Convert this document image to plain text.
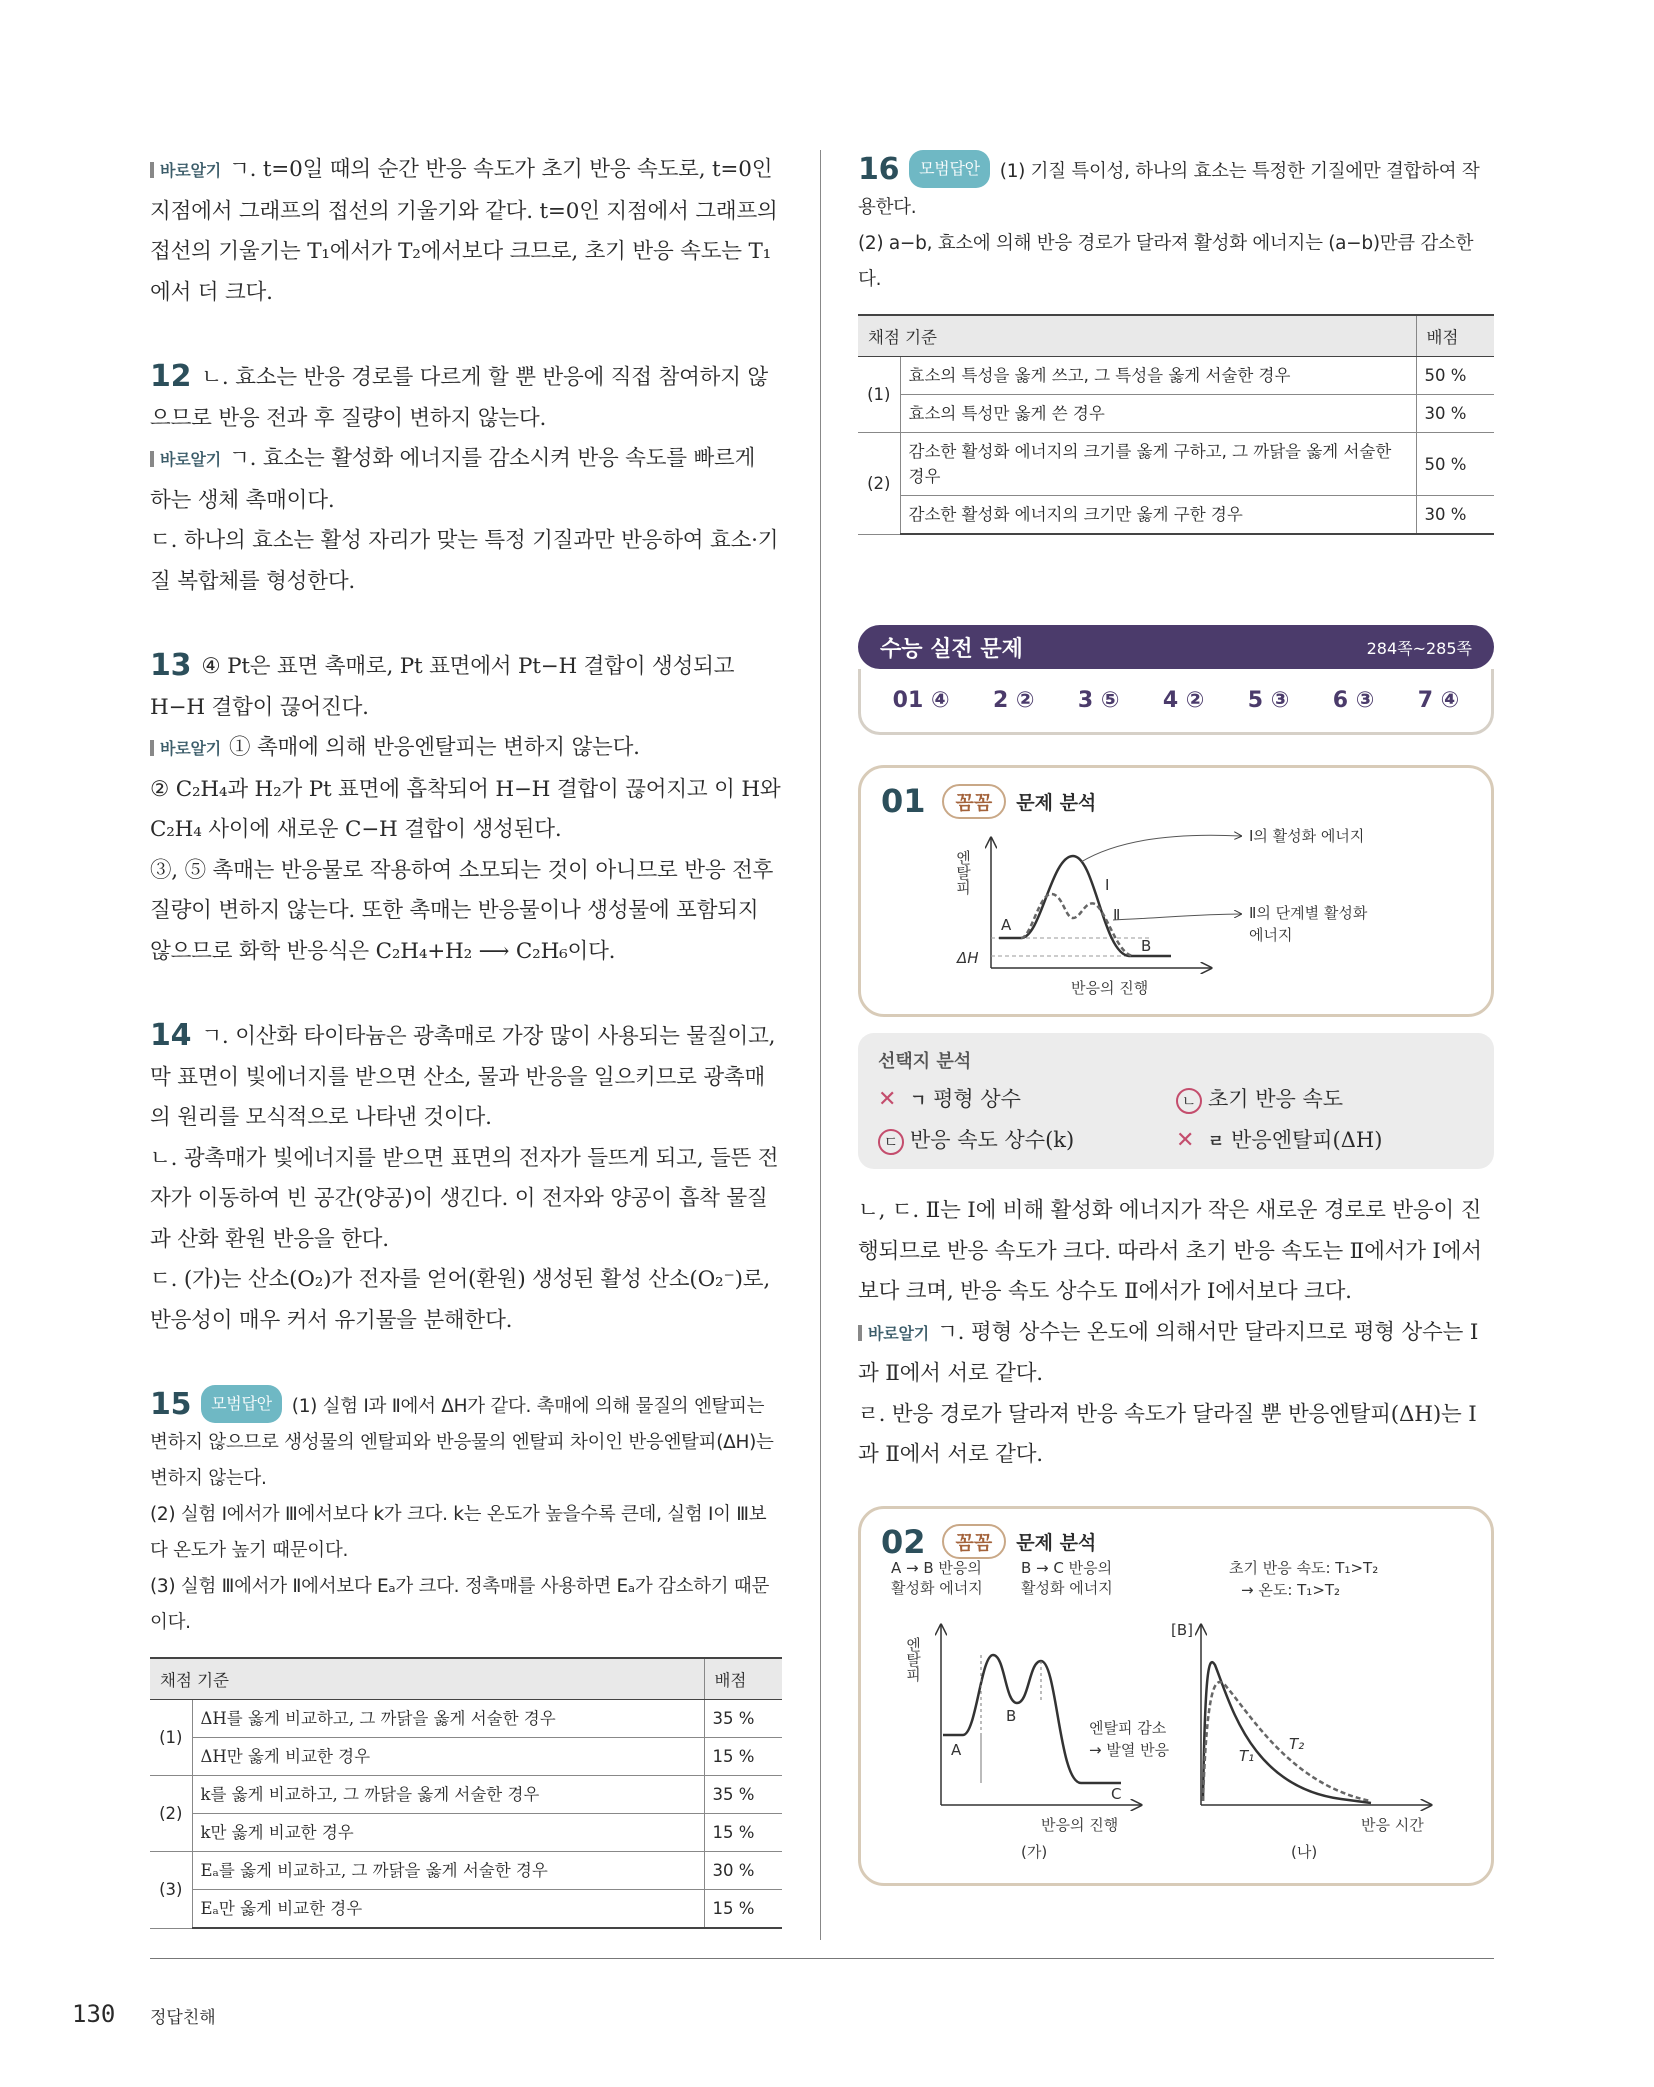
바로알기 ㄱ. t=0일 때의 순간 반응 속도가 초기 반응 속도로, t=0인 지점에서 그래프의 접선의 기울기와 같다. t=0인 지점에서 그래프의 접선의 기울기는 T₁에서가 T₂에서보다 크므로, 초기 반응 속도는 T₁에서 더 크다.

12 ㄴ. 효소는 반응 경로를 다르게 할 뿐 반응에 직접 참여하지 않으므로 반응 전과 후 질량이 변하지 않는다.

바로알기 ㄱ. 효소는 활성화 에너지를 감소시켜 반응 속도를 빠르게 하는 생체 촉매이다.

ㄷ. 하나의 효소는 활성 자리가 맞는 특정 기질과만 반응하여 효소·기질 복합체를 형성한다.

13 ④ Pt은 표면 촉매로, Pt 표면에서 Pt−H 결합이 생성되고 H−H 결합이 끊어진다.

바로알기 ① 촉매에 의해 반응엔탈피는 변하지 않는다.

② C₂H₄과 H₂가 Pt 표면에 흡착되어 H−H 결합이 끊어지고 이 H와 C₂H₄ 사이에 새로운 C−H 결합이 생성된다.

③, ⑤ 촉매는 반응물로 작용하여 소모되는 것이 아니므로 반응 전후 질량이 변하지 않는다. 또한 촉매는 반응물이나 생성물에 포함되지 않으므로 화학 반응식은 C₂H₄+H₂ ⟶ C₂H₆이다.

14 ㄱ. 이산화 타이타늄은 광촉매로 가장 많이 사용되는 물질이고, 막 표면이 빛에너지를 받으면 산소, 물과 반응을 일으키므로 광촉매의 원리를 모식적으로 나타낸 것이다.

ㄴ. 광촉매가 빛에너지를 받으면 표면의 전자가 들뜨게 되고, 들뜬 전자가 이동하여 빈 공간(양공)이 생긴다. 이 전자와 양공이 흡착 물질과 산화 환원 반응을 한다.

ㄷ. (가)는 산소(O₂)가 전자를 얻어(환원) 생성된 활성 산소(O₂⁻)로, 반응성이 매우 커서 유기물을 분해한다.

15 모범답안 (1) 실험 Ⅰ과 Ⅱ에서 ΔH가 같다. 촉매에 의해 물질의 엔탈피는 변하지 않으므로 생성물의 엔탈피와 반응물의 엔탈피 차이인 반응엔탈피(ΔH)는 변하지 않는다.

(2) 실험 Ⅰ에서가 Ⅲ에서보다 k가 크다. k는 온도가 높을수록 큰데, 실험 Ⅰ이 Ⅲ보다 온도가 높기 때문이다.

(3) 실험 Ⅲ에서가 Ⅱ에서보다 Eₐ가 크다. 정촉매를 사용하면 Eₐ가 감소하기 때문이다.

채점 기준		배점
(1)	ΔH를 옳게 비교하고, 그 까닭을 옳게 서술한 경우	35 %
	ΔH만 옳게 비교한 경우	15 %
(2)	k를 옳게 비교하고, 그 까닭을 옳게 서술한 경우	35 %
	k만 옳게 비교한 경우	15 %
(3)	Eₐ를 옳게 비교하고, 그 까닭을 옳게 서술한 경우	30 %
	Eₐ만 옳게 비교한 경우	15 %

16 모범답안 (1) 기질 특이성, 하나의 효소는 특정한 기질에만 결합하여 작용한다.

(2) a−b, 효소에 의해 반응 경로가 달라져 활성화 에너지는 (a−b)만큼 감소한다.

채점 기준		배점
(1)	효소의 특성을 옳게 쓰고, 그 특성을 옳게 서술한 경우	50 %
	효소의 특성만 옳게 쓴 경우	30 %
(2)	감소한 활성화 에너지의 크기를 옳게 구하고, 그 까닭을 옳게 서술한 경우	50 %
	감소한 활성화 에너지의 크기만 옳게 구한 경우	30 %
수능 실전 문제	284쪽~285쪽
01 ④ 2 ② 3 ⑤ 4 ② 5 ③ 6 ③ 7 ④
01	꼼꼼	문제 분석
엔탈피
반응의 진행
A
B
Ⅰ
Ⅱ
ΔH
Ⅰ의 활성화 에너지
Ⅱ의 단계별 활성화
에너지
선택지 분석
✕ ㄱ 평형 상수	ㄴ 초기 반응 속도
ㄷ 반응 속도 상수(k)	✕ ㄹ 반응엔탈피(ΔH)

ㄴ, ㄷ. Ⅱ는 Ⅰ에 비해 활성화 에너지가 작은 새로운 경로로 반응이 진행되므로 반응 속도가 크다. 따라서 초기 반응 속도는 Ⅱ에서가 Ⅰ에서보다 크며, 반응 속도 상수도 Ⅱ에서가 Ⅰ에서보다 크다.

바로알기 ㄱ. 평형 상수는 온도에 의해서만 달라지므로 평형 상수는 Ⅰ과 Ⅱ에서 서로 같다.

ㄹ. 반응 경로가 달라져 반응 속도가 달라질 뿐 반응엔탈피(ΔH)는 Ⅰ과 Ⅱ에서 서로 같다.

02	꼼꼼	문제 분석
A → B 반응의
활성화 에너지
B → C 반응의
활성화 에너지
엔탈피
반응의 진행
A
B
C
엔탈피 감소
→ 발열 반응
(가)
초기 반응 속도: T₁>T₂
→ 온도: T₁>T₂
[B]
반응 시간
T₁
T₂
(나)
130 정답친해
